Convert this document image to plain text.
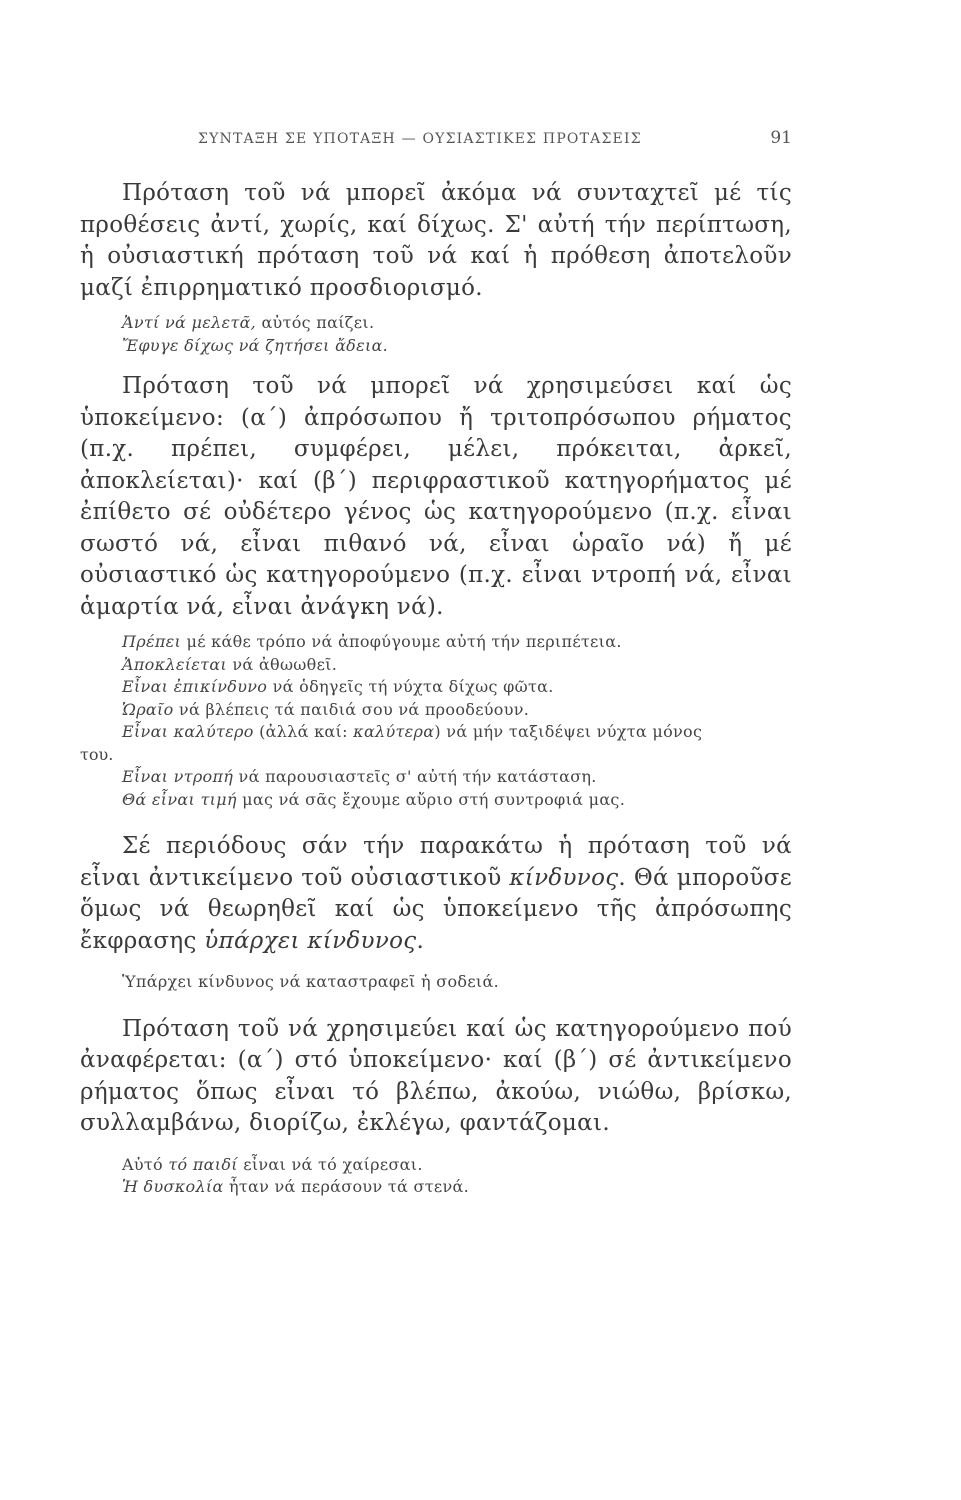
ΣΥΝΤΑΞΗ ΣΕ ΥΠΟΤΑΞΗ — ΟΥΣΙΑΣΤΙΚΕΣ ΠΡΟΤΑΣΕΙΣ	91

Πρόταση τοῦ νά μπορεῖ ἀκόμα νά συνταχτεῖ μέ τίς προθέσεις ἀντί, χωρίς, καί δίχως. Σ' αὐτή τήν περίπτωση, ἡ οὐσιαστική πρόταση τοῦ νά καί ἡ πρόθεση ἀποτελοῦν μαζί ἐπιρρηματικό προσδιορισμό.

Ἀντί νά μελετᾶ, αὐτός παίζει.

Ἔφυγε δίχως νά ζητήσει ἄδεια.

Πρόταση τοῦ νά μπορεῖ νά χρησιμεύσει καί ὡς ὑποκείμενο: (α΄) ἀπρόσωπου ἤ τριτοπρόσωπου ρήματος (π.χ. πρέπει, συμφέρει, μέλει, πρόκειται, ἀρκεῖ, ἀποκλείεται)· καί (β΄) περιφραστικοῦ κατηγορήματος μέ ἐπίθετο σέ οὐδέτερο γένος ὡς κατηγορούμενο (π.χ. εἶναι σωστό νά, εἶναι πιθανό νά, εἶναι ὡραῖο νά) ἤ μέ οὐσιαστικό ὡς κατηγορούμενο (π.χ. εἶναι ντροπή νά, εἶναι ἁμαρτία νά, εἶναι ἀνάγκη νά).

Πρέπει μέ κάθε τρόπο νά ἀποφύγουμε αὐτή τήν περιπέτεια.

Ἀποκλείεται νά ἀθωωθεῖ.

Εἶναι ἐπικίνδυνο νά ὁδηγεῖς τή νύχτα δίχως φῶτα.

Ὡραῖο νά βλέπεις τά παιδιά σου νά προοδεύουν.

Εἶναι καλύτερο (ἀλλά καί: καλύτερα) νά μήν ταξιδέψει νύχτα μόνος

του.

Εἶναι ντροπή νά παρουσιαστεῖς σ' αὐτή τήν κατάσταση.

Θά εἶναι τιμή μας νά σᾶς ἔχουμε αὔριο στή συντροφιά μας.

Σέ περιόδους σάν τήν παρακάτω ἡ πρόταση τοῦ νά εἶναι ἀντικείμενο τοῦ οὐσιαστικοῦ κίνδυνος. Θά μποροῦσε ὅμως νά θεωρηθεῖ καί ὡς ὑποκείμενο τῆς ἀπρόσωπης ἔκφρασης ὑπάρχει κίνδυνος.

Ὑπάρχει κίνδυνος νά καταστραφεῖ ἡ σοδειά.

Πρόταση τοῦ νά χρησιμεύει καί ὡς κατηγορούμενο πού ἀναφέρεται: (α΄) στό ὑποκείμενο· καί (β΄) σέ ἀντικείμενο ρήματος ὅπως εἶναι τό βλέπω, ἀκούω, νιώθω, βρίσκω, συλλαμβάνω, διορίζω, ἐκλέγω, φαντάζομαι.

Αὐτό τό παιδί εἶναι νά τό χαίρεσαι.

Ἡ δυσκολία ἦταν νά περάσουν τά στενά.
